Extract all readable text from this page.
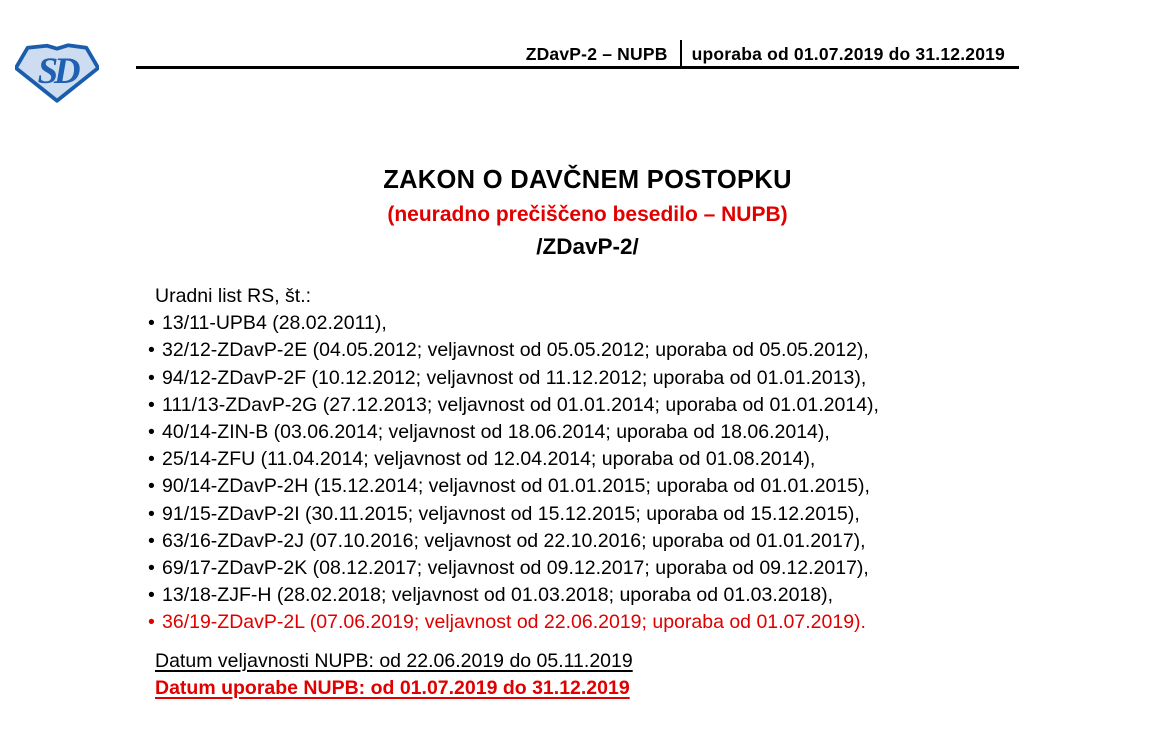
SD	ZDavP-2 – NUPB uporaba od 01.07.2019 do 31.12.2019
ZAKON O DAVČNEM POSTOPKU
(neuradno prečiščeno besedilo – NUPB)
/ZDavP-2/
Uradni list RS, št.:
• 13/11-UPB4 (28.02.2011),
• 32/12-ZDavP-2E (04.05.2012; veljavnost od 05.05.2012; uporaba od 05.05.2012),
• 94/12-ZDavP-2F (10.12.2012; veljavnost od 11.12.2012; uporaba od 01.01.2013),
• 111/13-ZDavP-2G (27.12.2013; veljavnost od 01.01.2014; uporaba od 01.01.2014),
• 40/14-ZIN-B (03.06.2014; veljavnost od 18.06.2014; uporaba od 18.06.2014),
• 25/14-ZFU (11.04.2014; veljavnost od 12.04.2014; uporaba od 01.08.2014),
• 90/14-ZDavP-2H (15.12.2014; veljavnost od 01.01.2015; uporaba od 01.01.2015),
• 91/15-ZDavP-2I (30.11.2015; veljavnost od 15.12.2015; uporaba od 15.12.2015),
• 63/16-ZDavP-2J (07.10.2016; veljavnost od 22.10.2016; uporaba od 01.01.2017),
• 69/17-ZDavP-2K (08.12.2017; veljavnost od 09.12.2017; uporaba od 09.12.2017),
• 13/18-ZJF-H (28.02.2018; veljavnost od 01.03.2018; uporaba od 01.03.2018),
• 36/19-ZDavP-2L (07.06.2019; veljavnost od 22.06.2019; uporaba od 01.07.2019).
Datum veljavnosti NUPB: od 22.06.2019 do 05.11.2019
Datum uporabe NUPB: od 01.07.2019 do 31.12.2019
